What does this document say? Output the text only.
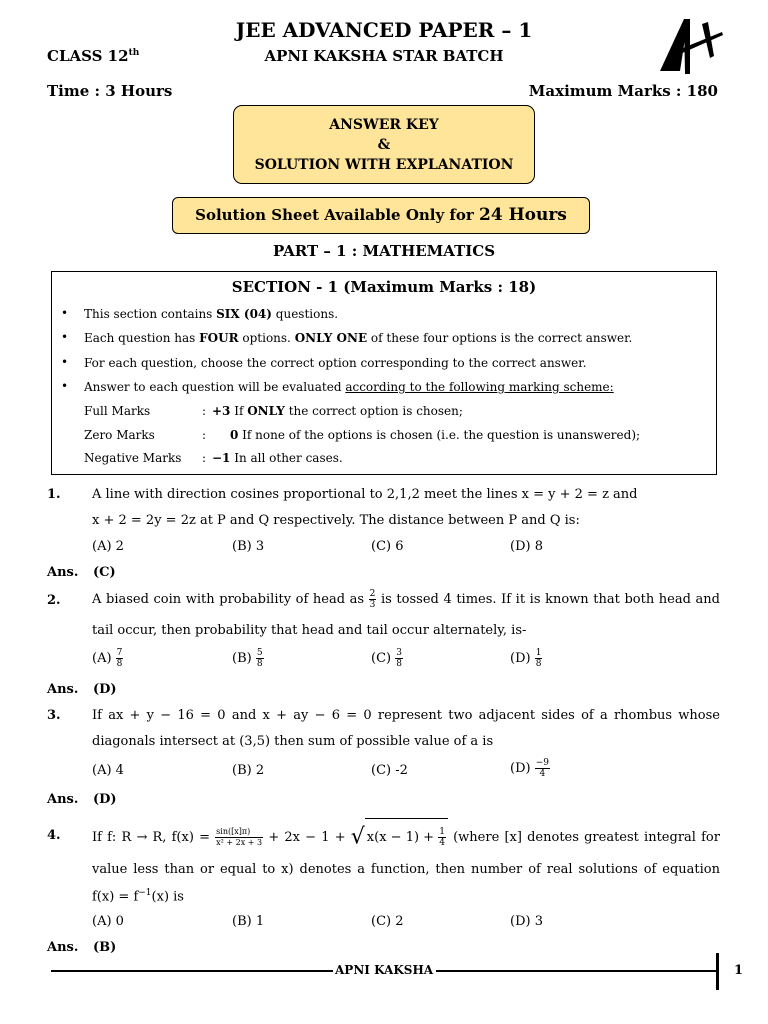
JEE ADVANCED PAPER – 1
CLASS 12th	APNI KAKSHA STAR BATCH
Time : 3 Hours	Maximum Marks : 180
ANSWER KEY
&
SOLUTION WITH EXPLANATION
Solution Sheet Available Only for 24 Hours
PART – 1 : MATHEMATICS
SECTION - 1 (Maximum Marks : 18)
• This section contains SIX (04) questions.
• Each question has FOUR options. ONLY ONE of these four options is the correct answer.
• For each question, choose the correct option corresponding to the correct answer.
• Answer to each question will be evaluated according to the following marking scheme:
Full Marks	: +3 If ONLY the correct option is chosen;
Zero Marks	: 0 If none of the options is chosen (i.e. the question is unanswered);
Negative Marks : −1 In all other cases.
1. A line with direction cosines proportional to 2,1,2 meet the lines x = y + 2 = z and
x + 2 = 2y = 2z at P and Q respectively. The distance between P and Q is:
(A) 2	(B) 3	(C) 6	(D) 8
Ans. (C)
2. A biased coin with probability of head as $\frac{2}{3}$ is tossed 4 times. If it is known that both head and
tail occur, then probability that head and tail occur alternately, is-
$(A) \frac{7}{8}$	$(B) \frac{5}{8}$	$(C) \frac{3}{8}$	$(D) \frac{1}{8}$
Ans. (D)
3. If ax + y − 16 = 0 and x + ay − 6 = 0 represent two adjacent sides of a rhombus whose
diagonals intersect at (3,5) then sum of possible value of a is
(A) 4	(B) 2	(C) -2	$(D) \frac{-9}{4}$
Ans. (D)
4. If f: R → R, $f(x) = \frac{\sin([x]\pi)}{\text{x² + 2x + 3}} + 2x - 1$ + √ $x(x - 1) + \frac{1}{4}$ (where [x] denotes greatest integral for
value less than or equal to x) denotes a function, then number of real solutions of equation
$f(x) = f^{-1}(x)$ is
(A) 0	(B) 1	(C) 2	(D) 3
Ans. (B)
APNI KAKSHA	1
